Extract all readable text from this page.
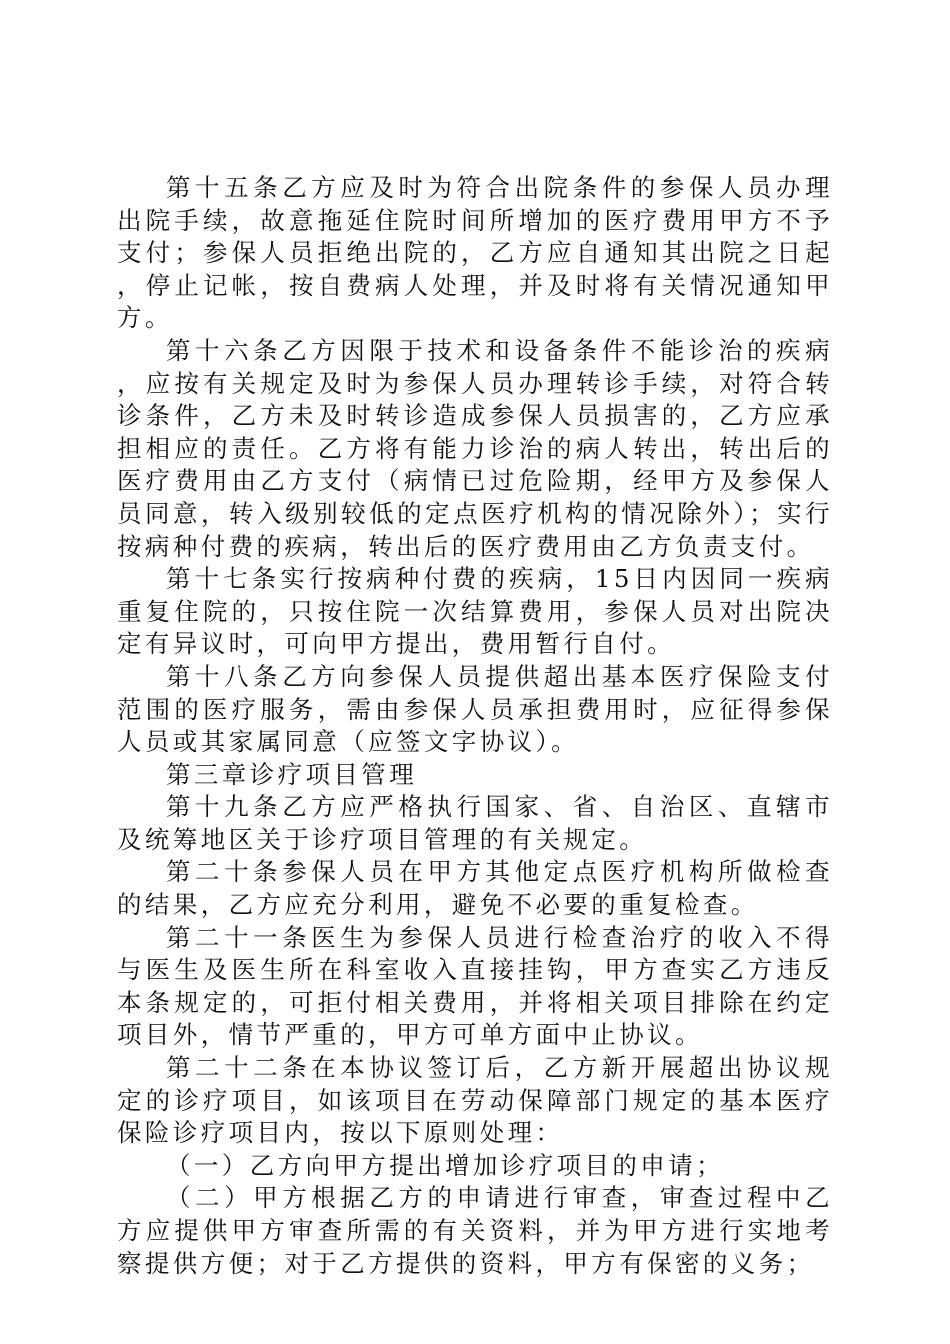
第十五条乙方应及时为符合出院条件的参保人员办理出院手续，故意拖延住院时间所增加的医疗费用甲方不予支付；参保人员拒绝出院的，乙方应自通知其出院之日起，停止记帐，按自费病人处理，并及时将有关情况通知甲方。

第十六条乙方因限于技术和设备条件不能诊治的疾病，应按有关规定及时为参保人员办理转诊手续，对符合转诊条件，乙方未及时转诊造成参保人员损害的，乙方应承担相应的责任。乙方将有能力诊治的病人转出，转出后的医疗费用由乙方支付（病情已过危险期，经甲方及参保人员同意，转入级别较低的定点医疗机构的情况除外）；实行按病种付费的疾病，转出后的医疗费用由乙方负责支付。

第十七条实行按病种付费的疾病，15日内因同一疾病重复住院的，只按住院一次结算费用，参保人员对出院决定有异议时，可向甲方提出，费用暂行自付。

第十八条乙方向参保人员提供超出基本医疗保险支付范围的医疗服务，需由参保人员承担费用时，应征得参保人员或其家属同意（应签文字协议）。

第三章诊疗项目管理

第十九条乙方应严格执行国家、省、自治区、直辖市及统筹地区关于诊疗项目管理的有关规定。

第二十条参保人员在甲方其他定点医疗机构所做检查的结果，乙方应充分利用，避免不必要的重复检查。

第二十一条医生为参保人员进行检查治疗的收入不得与医生及医生所在科室收入直接挂钩，甲方查实乙方违反本条规定的，可拒付相关费用，并将相关项目排除在约定项目外，情节严重的，甲方可单方面中止协议。

第二十二条在本协议签订后，乙方新开展超出协议规定的诊疗项目，如该项目在劳动保障部门规定的基本医疗保险诊疗项目内，按以下原则处理：

（一）乙方向甲方提出增加诊疗项目的申请；

（二）甲方根据乙方的申请进行审查，审查过程中乙方应提供甲方审查所需的有关资料，并为甲方进行实地考察提供方便；对于乙方提供的资料，甲方有保密的义务；
